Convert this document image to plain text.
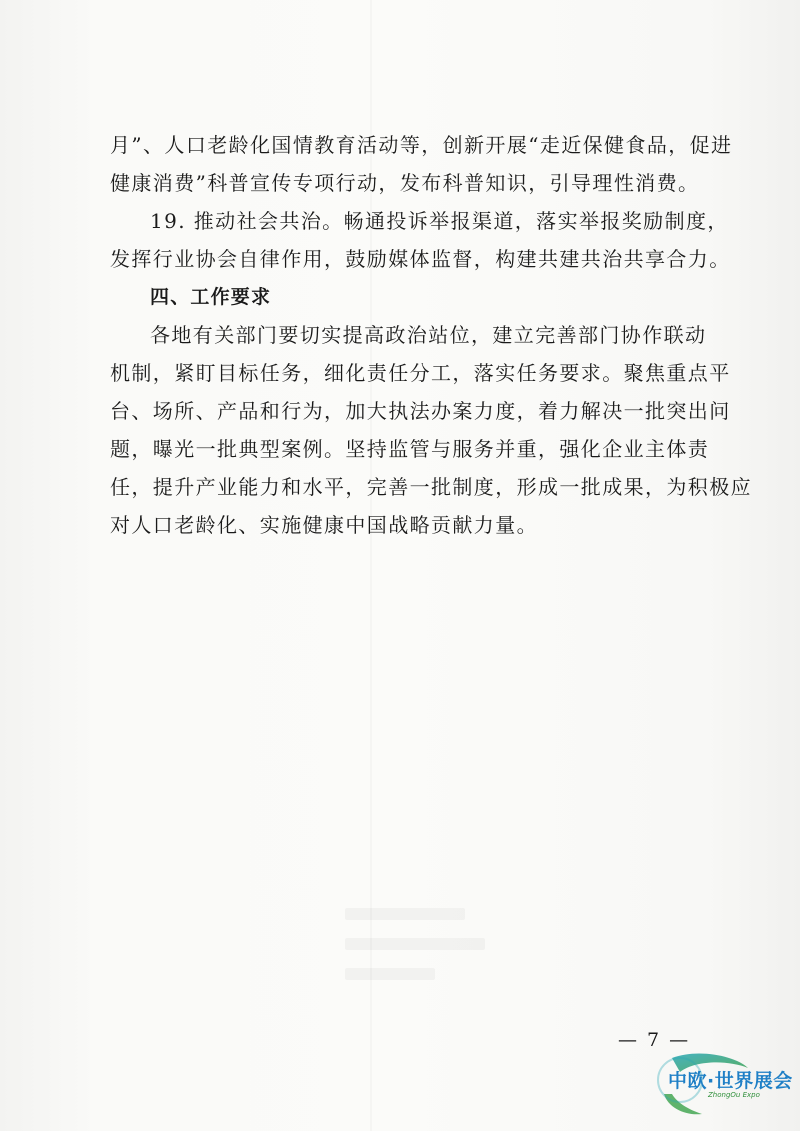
月”、人口老龄化国情教育活动等，创新开展“走近保健食品，促进
健康消费”科普宣传专项行动，发布科普知识，引导理性消费。
19. 推动社会共治。畅通投诉举报渠道，落实举报奖励制度，
发挥行业协会自律作用，鼓励媒体监督，构建共建共治共享合力。
四、工作要求
各地有关部门要切实提高政治站位，建立完善部门协作联动
机制，紧盯目标任务，细化责任分工，落实任务要求。聚焦重点平
台、场所、产品和行为，加大执法办案力度，着力解决一批突出问
题，曝光一批典型案例。坚持监管与服务并重，强化企业主体责
任，提升产业能力和水平，完善一批制度，形成一批成果，为积极应
对人口老龄化、实施健康中国战略贡献力量。
— 7 —
中欧·世界展会
ZhongOu Expo
